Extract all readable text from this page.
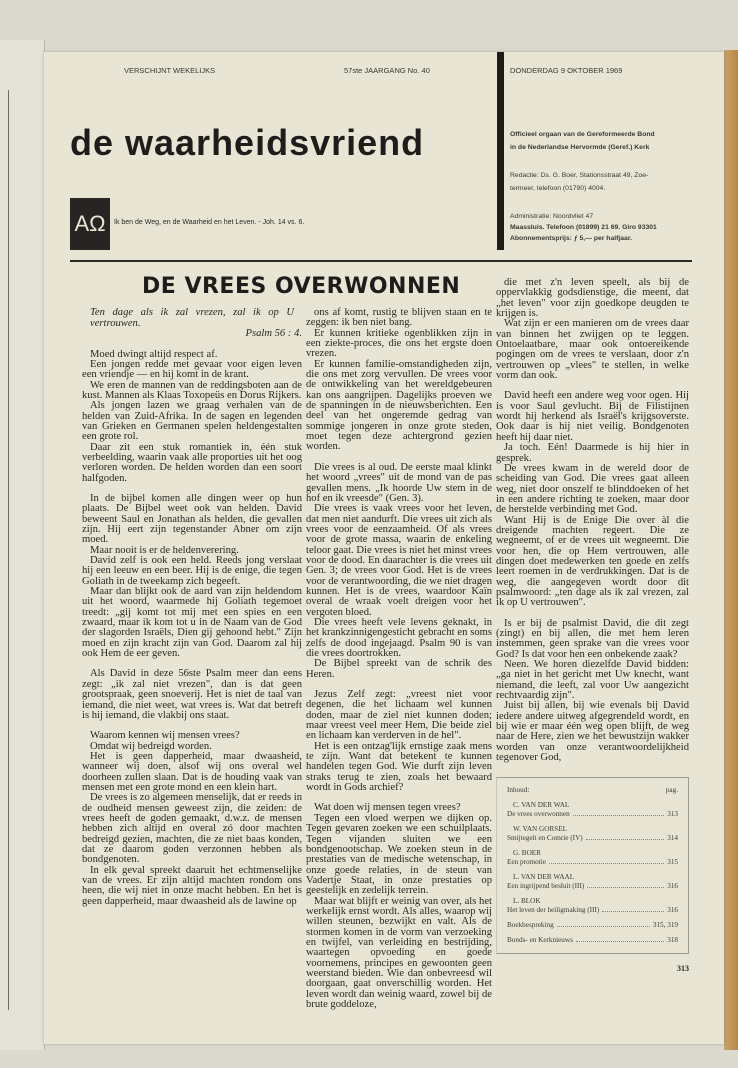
VERSCHIJNT WEKELIJKS	57ste JAARGANG No. 40	DONDERDAG 9 OKTOBER 1969
de waarheidsvriend
AΩ	Ik ben de Weg, en de Waarheid en het Leven. - Joh. 14 vs. 6.
Officieel orgaan van de Gereformeerde Bond
in de Nederlandse Hervormde (Geref.) Kerk
Redactie: Ds. G. Boer, Stationsstraat 49, Zoe-
termeer, telefoon (01790) 4004.
Administratie: Noordvliet 47
Maassluis. Telefoon (01899) 21 69. Giro 93301
Abonnementsprijs: ƒ 5,— per halfjaar.
DE VREES OVERWONNEN
Ten dage als ik zal vrezen, zal ik op U vertrouwen.
Psalm 56 : 4.

Moed dwingt altijd respect af.

Een jongen redde met gevaar voor eigen leven een vriendje — en hij komt in de krant.

We eren de mannen van de reddingsboten aan de kust. Mannen als Klaas Toxopeüs en Dorus Rijkers.

Als jongen lazen we graag verhalen van de helden van Zuid-Afrika. In de sagen en legenden van Grieken en Germanen spelen heldengestalten een grote rol.

Daar zit een stuk romantiek in, één stuk verbeelding, waarin vaak alle proporties uit het oog verloren worden. De helden worden dan een soort halfgoden.

In de bijbel komen alle dingen weer op hun plaats. De Bijbel weet ook van helden. David beweent Saul en Jonathan als helden, die gevallen zijn. Hij eert zijn tegenstander Abner om zijn moed.

Maar nooit is er de heldenverering.

David zelf is ook een held. Reeds jong verslaat hij een leeuw en een beer. Hij is de enige, die tegen Goliath in de tweekamp zich begeeft.

Maar dan blijkt ook de aard van zijn heldendom uit het woord, waarmede hij Goliath tegemoet treedt: „gij komt tot mij met een spies en een zwaard, maar ik kom tot u in de Naam van de God der slagorden Israëls, Dien gij gehoond hebt." Zijn moed en zijn kracht zijn van God. Daarom zal hij ook Hem de eer geven.

Als David in deze 56ste Psalm meer dan eens zegt: „ik zal niet vrezen", dan is dat geen grootspraak, geen snoeverij. Het is niet de taal van iemand, die niet weet, wat vrees is. Wat dat betreft is hij iemand, die vlakbij ons staat.

Waarom kennen wij mensen vrees?

Omdat wij bedreigd worden.

Het is geen dapperheid, maar dwaasheid, wanneer wij doen, alsof wij ons overal wel doorheen zullen slaan. Dat is de houding vaak van mensen met een grote mond en een klein hart.

De vrees is zo algemeen menselijk, dat er reeds in de oudheid mensen geweest zijn, die zeiden: de vrees heeft de goden gemaakt, d.w.z. de mensen hebben zich altijd en overal zó door machten bedreigd gezien, machten, die ze niet baas konden, dat ze daarom goden verzonnen hebben als bondgenoten.

In elk geval spreekt daaruit het echtmenselijke van de vrees. Er zijn altijd machten rondom ons heen, die wij niet in onze macht hebben. En het is geen dapperheid, maar dwaasheid als de lawine op

ons af komt, rustig te blijven staan en te zeggen: ik ben niet bang.

Er kunnen kritieke ogenblikken zijn in een ziekte-proces, die ons het ergste doen vrezen.

Er kunnen familie-omstandigheden zijn, die ons met zorg vervullen. De vrees voor de ontwikkeling van het wereldgebeuren kan ons aangrijpen. Dagelijks proeven we de spanningen in de nieuwsberichten. Een deel van het ongeremde gedrag van sommige jongeren in onze grote steden, moet tegen deze achtergrond gezien worden.

Die vrees is al oud. De eerste maal klinkt het woord „vrees" uit de mond van de pas gevallen mens. „Ik hoorde Uw stem in de hof en ik vreesde" (Gen. 3).

Die vrees is vaak vrees voor het leven, dat men niet aandurft. Die vrees uit zich als vrees voor de eenzaamheid. Of als vrees voor de grote massa, waarin de enkeling teloor gaat. Die vrees is niet het minst vrees voor de dood. En daarachter is die vrees uit Gen. 3; de vrees voor God. Het is de vrees voor de verantwoording, die we niet dragen kunnen. Het is de vrees, waardoor Kaïn overal de wraak voelt dreigen voor het vergoten bloed.

Die vrees heeft vele levens geknakt, in het krankzinnigengesticht gebracht en soms zelfs de dood ingejaagd. Psalm 90 is van die vrees doortrokken.

De Bijbel spreekt van de schrik des Heren.

Jezus Zelf zegt: „vreest niet voor degenen, die het lichaam wel kunnen doden, maar de ziel niet kunnen doden; maar vreest veel meer Hem, Die beide ziel en lichaam kan verderven in de hel".

Het is een ontzag'lijk ernstige zaak mens te zijn. Want dat betekent te kunnen handelen tegen God. Wie durft zijn leven straks terug te zien, zoals het bewaard wordt in Gods archief?

Wat doen wij mensen tegen vrees?

Tegen een vloed werpen we dijken op. Tegen gevaren zoeken we een schuilplaats. Tegen vijanden sluiten we een bondgenootschap. We zoeken steun in de prestaties van de medische wetenschap, in onze goede relaties, in de steun van Vadertje Staat, in onze prestaties op geestelijk en zedelijk terrein.

Maar wat blijft er weinig van over, als het werkelijk ernst wordt. Als alles, waarop wij willen steunen, bezwijkt en valt. Als de stormen komen in de vorm van verzoeking en twijfel, van verleiding en bestrijding, waartegen opvoeding en goede voornemens, principes en gewoonten geen weerstand bieden. Wie dan onbevreesd wil doorgaan, gaat onverschillig worden. Het leven wordt dan weinig waard, zowel bij de brute goddeloze,

die met z'n leven speelt, als bij de oppervlakkig godsdienstige, die meent, dat „het leven" voor zijn goedkope deugden te krijgen is.

Wat zijn er een manieren om de vrees daar van binnen het zwijgen op te leggen. Ontoelaatbare, maar ook ontoereikende pogingen om de vrees te verslaan, door z'n vertrouwen op „vlees" te stellen, in welke vorm dan ook.

David heeft een andere weg voor ogen. Hij is voor Saul gevlucht. Bij de Filistijnen wordt hij herkend als Israël's krijgsoverste. Ook daar is hij niet veilig. Bondgenoten heeft hij daar niet.

Ja toch. Eén! Daarmede is hij hier in gesprek.

De vrees kwam in de wereld door de scheiding van God. Die vrees gaat alleen weg, niet door onszelf te blinddoeken of het in een andere richting te zoeken, maar door de herstelde verbinding met God.

Want Hij is de Enige Die over àl die dreigende machten regeert. Die ze wegneemt, of er de vrees uit wegneemt. Die voor hen, die op Hem vertrouwen, alle dingen doet medewerken ten goede en zelfs leert roemen in de verdrukkingen. Dat is de weg, die aangegeven wordt door dit psalmwoord: „ten dage als ik zal vrezen, zal ik op U vertrouwen".

Is er bij de psalmist David, die dit zegt (zingt) en bij allen, die met hem leren instemmen, geen sprake van die vrees voor God? Is dat voor hen een onbekende zaak?

Neen. We horen diezelfde David bidden: „ga niet in het gericht met Uw knecht, want niemand, die leeft, zal voor Uw aangezicht rechtvaardig zijn".

Juist bij allen, bij wie evenals bij David iedere andere uitweg afgegrendeld wordt, en bij wie er maar één weg open blijft, de weg naar de Here, zien we het bewustzijn wakker worden van onze verantwoordelijkheid tegenover God,

Inhoud:	pag.
C. VAN DER WAL
De vrees overwonnen	313
W. VAN GORSEL
Smijtegelt en Comrie (IV)	314
G. BOER
Een promotie	315
L. VAN DER WAAL
Een ingrijpend besluit (III)	316
L. BLOK
Het leven der heiligmaking (III)	316
Boekbespreking	315, 319
Bonds- en Kerknieuws	318
313
